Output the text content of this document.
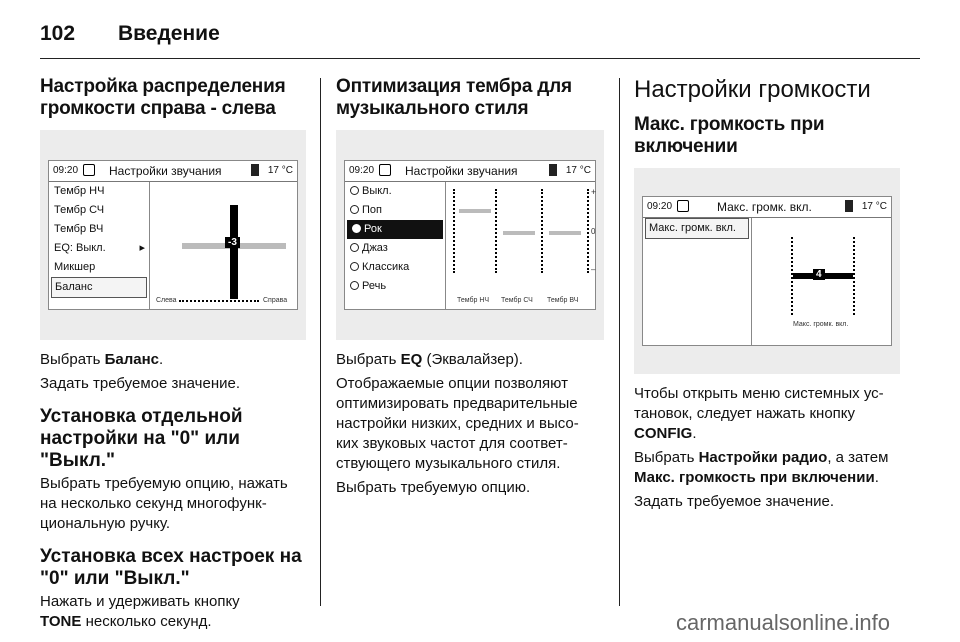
102 Введение
Настройка распределения
громкости справа - слева
09:20	Настройки звучания	17 °C
Тембр НЧ
Тембр СЧ
Тембр ВЧ
EQ: Выкл.	▸
Микшер
Баланс
-3
Слева	Справа

Выбрать Баланс.

Задать требуемое значение.

Установка отдельной
настройки на "0" или "Выкл."

Выбрать требуемую опцию, нажать
на несколько секунд многофунк-
циональную ручку.

Установка всех настроек на
"0" или "Выкл."

Нажать и удерживать кнопку
TONE несколько секунд.

Оптимизация тембра для
музыкального стиля
09:20	Настройки звучания	17 °C
Выкл.
Поп
Рок
Джаз
Классика
Речь
+
0
–
Тембр НЧ Тембр СЧ Тембр ВЧ

Выбрать EQ (Эквалайзер).

Отображаемые опции позволяют
оптимизировать предварительные
настройки низких, средних и высо-
ких звуковых частот для соответ-
ствующего музыкального стиля.

Выбрать требуемую опцию.

Настройки громкости
Макс. громкость при
включении
09:20	Макс. громк. вкл.	17 °C
Макс. громк. вкл.
4
Макс. громк. вкл.

Чтобы открыть меню системных ус-
тановок, следует нажать кнопку
CONFIG.

Выбрать Настройки радио, а затем
Макс. громкость при включении.

Задать требуемое значение.

carmanualsonline.info
